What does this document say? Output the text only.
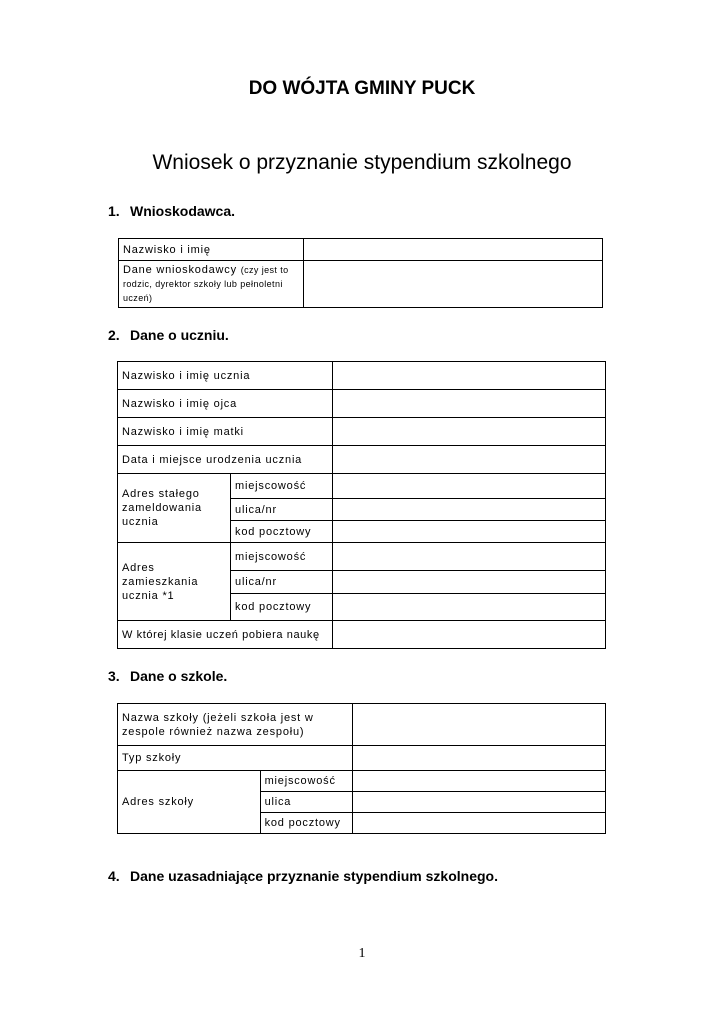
DO WÓJTA GMINY PUCK
Wniosek o przyznanie stypendium szkolnego
1. Wnioskodawca.
Nazwisko i imię	
Dane wnioskodawcy (czy jest to rodzic, dyrektor szkoły lub pełnoletni uczeń)	
2. Dane o uczniu.
Nazwisko i imię ucznia		
Nazwisko i imię ojca		
Nazwisko i imię matki		
Data i miejsce urodzenia ucznia		
Adres stałego zameldowania ucznia	miejscowość	
	ulica/nr	
	kod pocztowy	
Adres zamieszkania ucznia *1	miejscowość	
	ulica/nr	
	kod pocztowy	
W której klasie uczeń pobiera naukę		
3. Dane o szkole.
Nazwa szkoły (jeżeli szkoła jest w zespole również nazwa zespołu)		
Typ szkoły		
Adres szkoły	miejscowość	
	ulica	
	kod pocztowy	
4. Dane uzasadniające przyznanie stypendium szkolnego.
1
